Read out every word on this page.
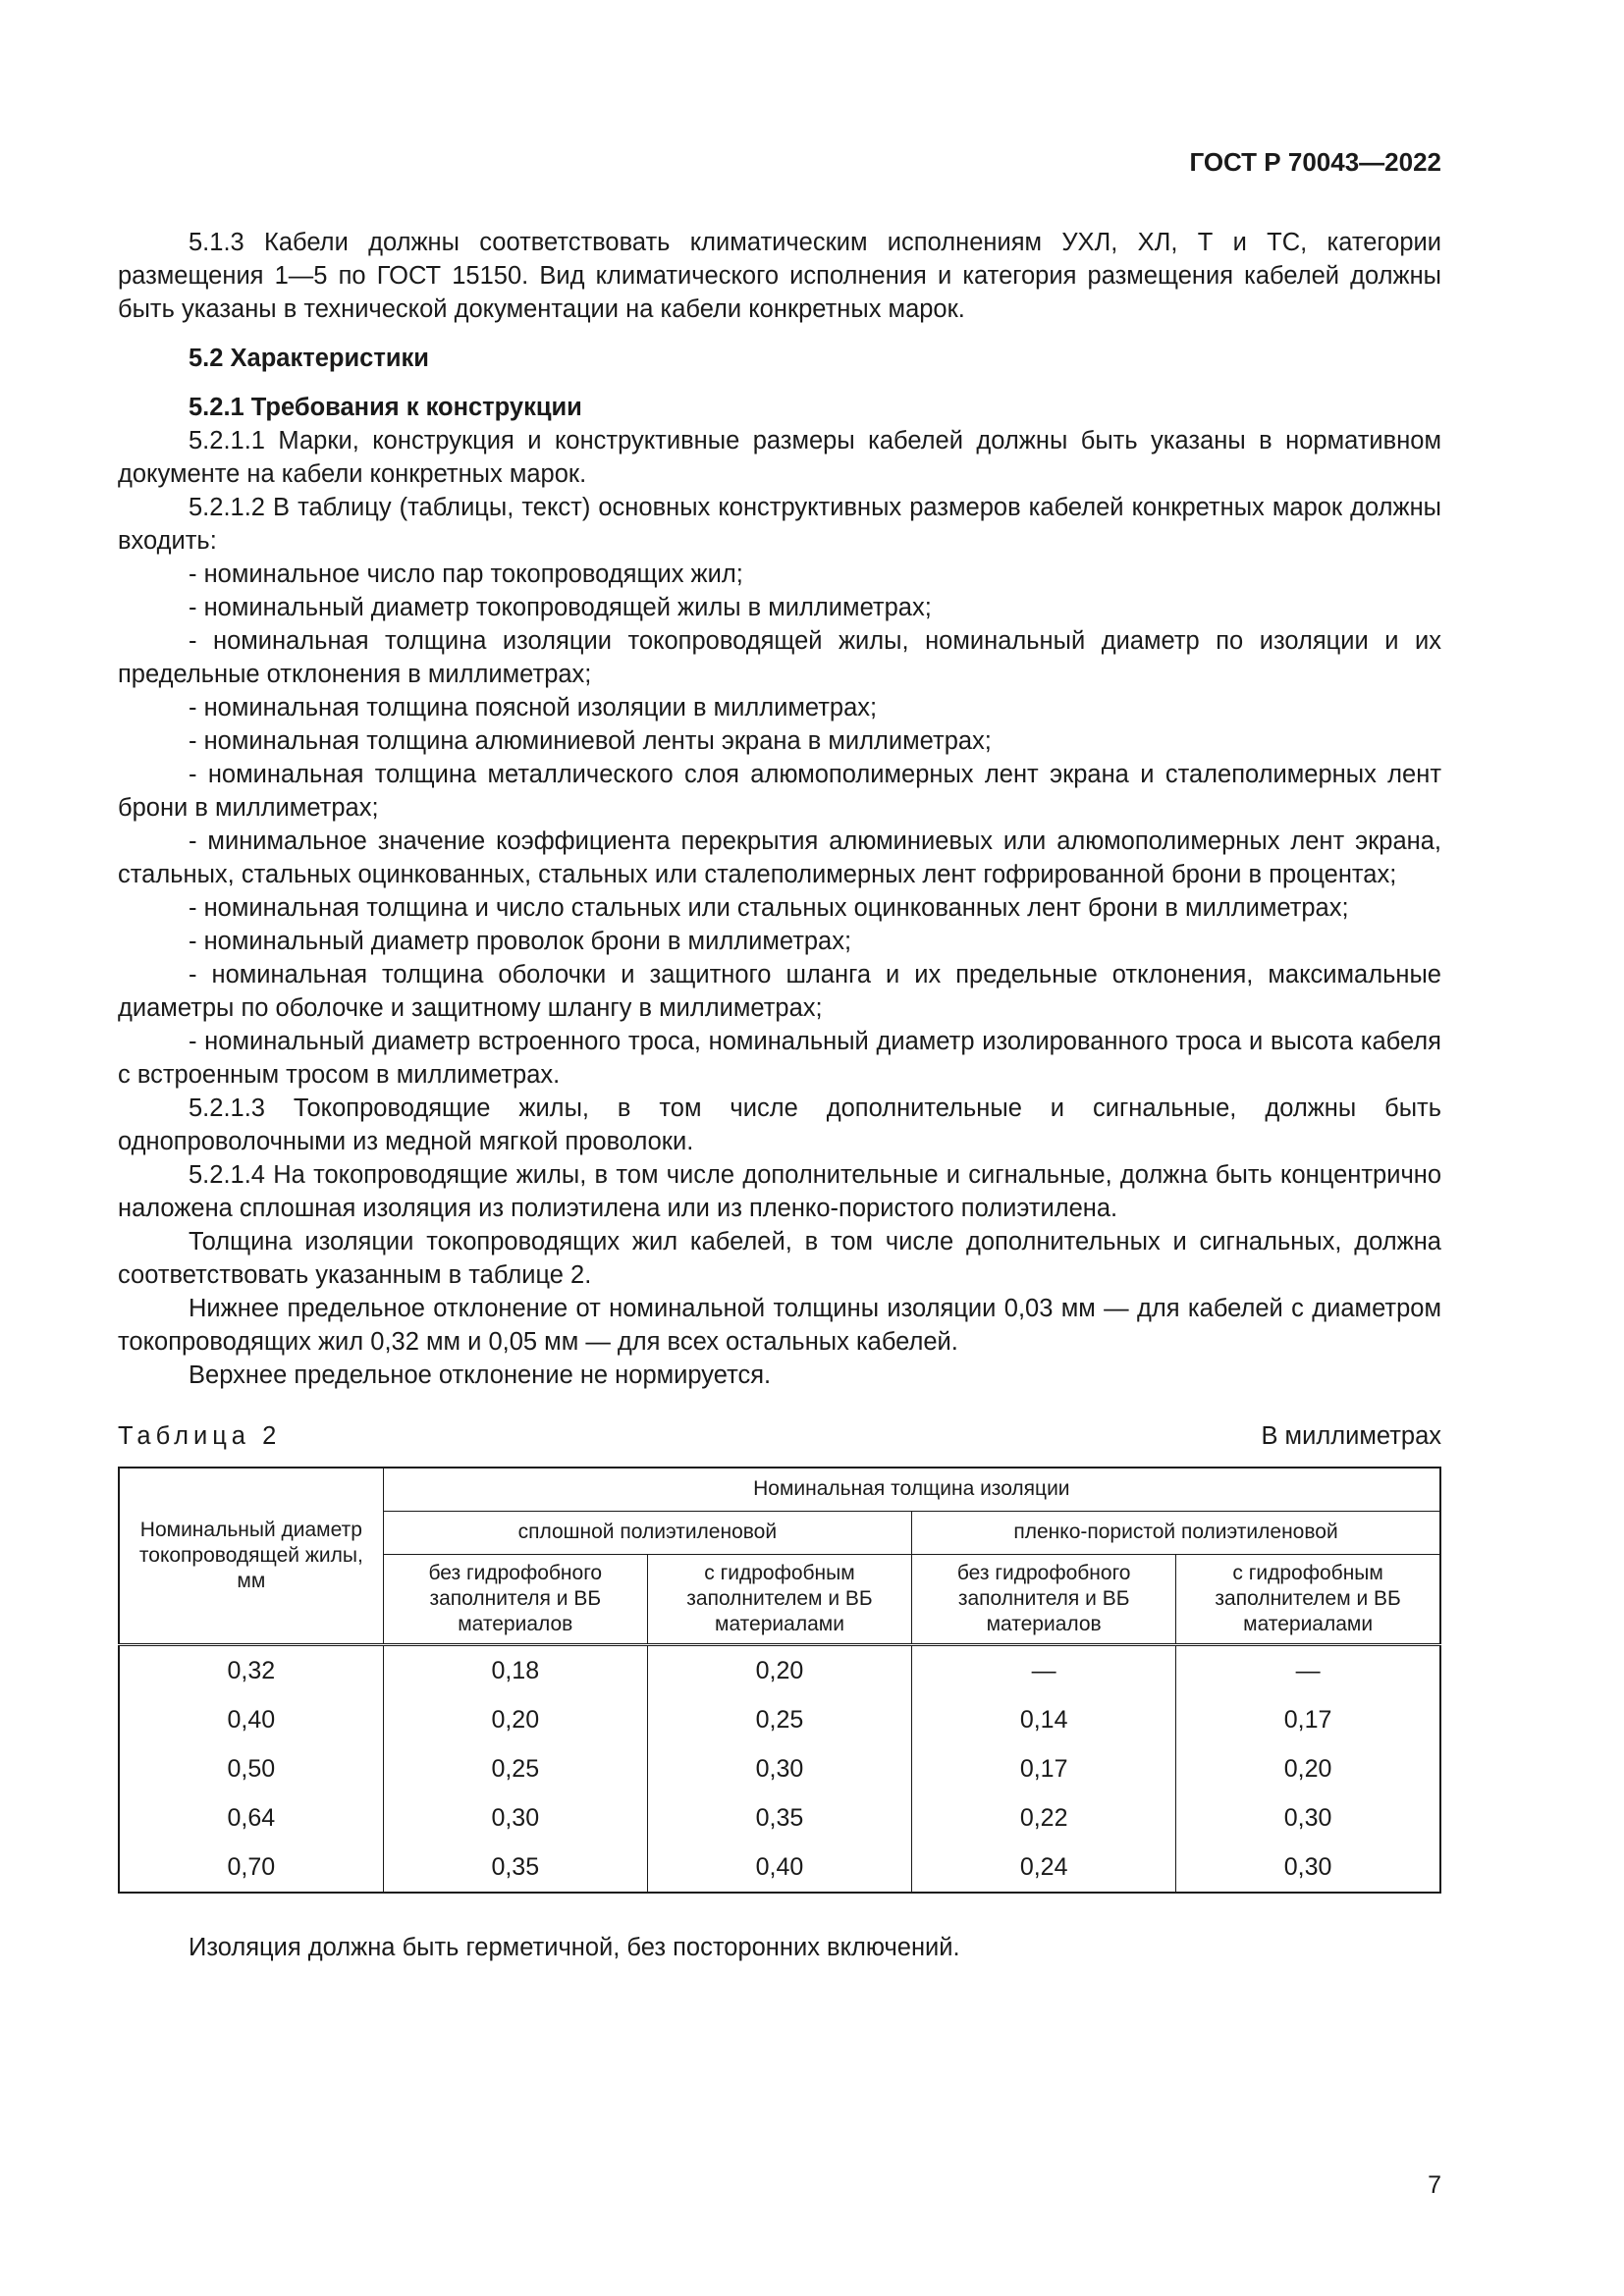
ГОСТ Р 70043—2022

5.1.3 Кабели должны соответствовать климатическим исполнениям УХЛ, ХЛ, Т и ТС, категории размещения 1—5 по ГОСТ 15150. Вид климатического исполнения и категория размещения кабелей должны быть указаны в технической документации на кабели конкретных марок.

5.2 Характеристики

5.2.1 Требования к конструкции

5.2.1.1 Марки, конструкция и конструктивные размеры кабелей должны быть указаны в нормативном документе на кабели конкретных марок.

5.2.1.2 В таблицу (таблицы, текст) основных конструктивных размеров кабелей конкретных марок должны входить:

- номинальное число пар токопроводящих жил;

- номинальный диаметр токопроводящей жилы в миллиметрах;

- номинальная толщина изоляции токопроводящей жилы, номинальный диаметр по изоляции и их предельные отклонения в миллиметрах;

- номинальная толщина поясной изоляции в миллиметрах;

- номинальная толщина алюминиевой ленты экрана в миллиметрах;

- номинальная толщина металлического слоя алюмополимерных лент экрана и сталеполимерных лент брони в миллиметрах;

- минимальное значение коэффициента перекрытия алюминиевых или алюмополимерных лент экрана, стальных, стальных оцинкованных, стальных или сталеполимерных лент гофрированной брони в процентах;

- номинальная толщина и число стальных или стальных оцинкованных лент брони в миллиметрах;

- номинальный диаметр проволок брони в миллиметрах;

- номинальная толщина оболочки и защитного шланга и их предельные отклонения, максимальные диаметры по оболочке и защитному шлангу в миллиметрах;

- номинальный диаметр встроенного троса, номинальный диаметр изолированного троса и высота кабеля с встроенным тросом в миллиметрах.

5.2.1.3 Токопроводящие жилы, в том числе дополнительные и сигнальные, должны быть однопроволочными из медной мягкой проволоки.

5.2.1.4 На токопроводящие жилы, в том числе дополнительные и сигнальные, должна быть концентрично наложена сплошная изоляция из полиэтилена или из пленко-пористого полиэтилена.

Толщина изоляции токопроводящих жил кабелей, в том числе дополнительных и сигнальных, должна соответствовать указанным в таблице 2.

Нижнее предельное отклонение от номинальной толщины изоляции 0,03 мм — для кабелей с диаметром токопроводящих жил 0,32 мм и 0,05 мм — для всех остальных кабелей.

Верхнее предельное отклонение не нормируется.

Таблица 2	В миллиметрах
Номинальный диаметр токопроводящей жилы, мм	Номинальная толщина изоляции			
	сплошной полиэтиленовой		пленко-пористой полиэтиленовой	
	без гидрофобного заполнителя и ВБ материалов	с гидрофобным заполнителем и ВБ материалами	без гидрофобного заполнителя и ВБ материалов	с гидрофобным заполнителем и ВБ материалами
0,32	0,18	0,20	—	—
0,40	0,20	0,25	0,14	0,17
0,50	0,25	0,30	0,17	0,20
0,64	0,30	0,35	0,22	0,30
0,70	0,35	0,40	0,24	0,30

Изоляция должна быть герметичной, без посторонних включений.

7
